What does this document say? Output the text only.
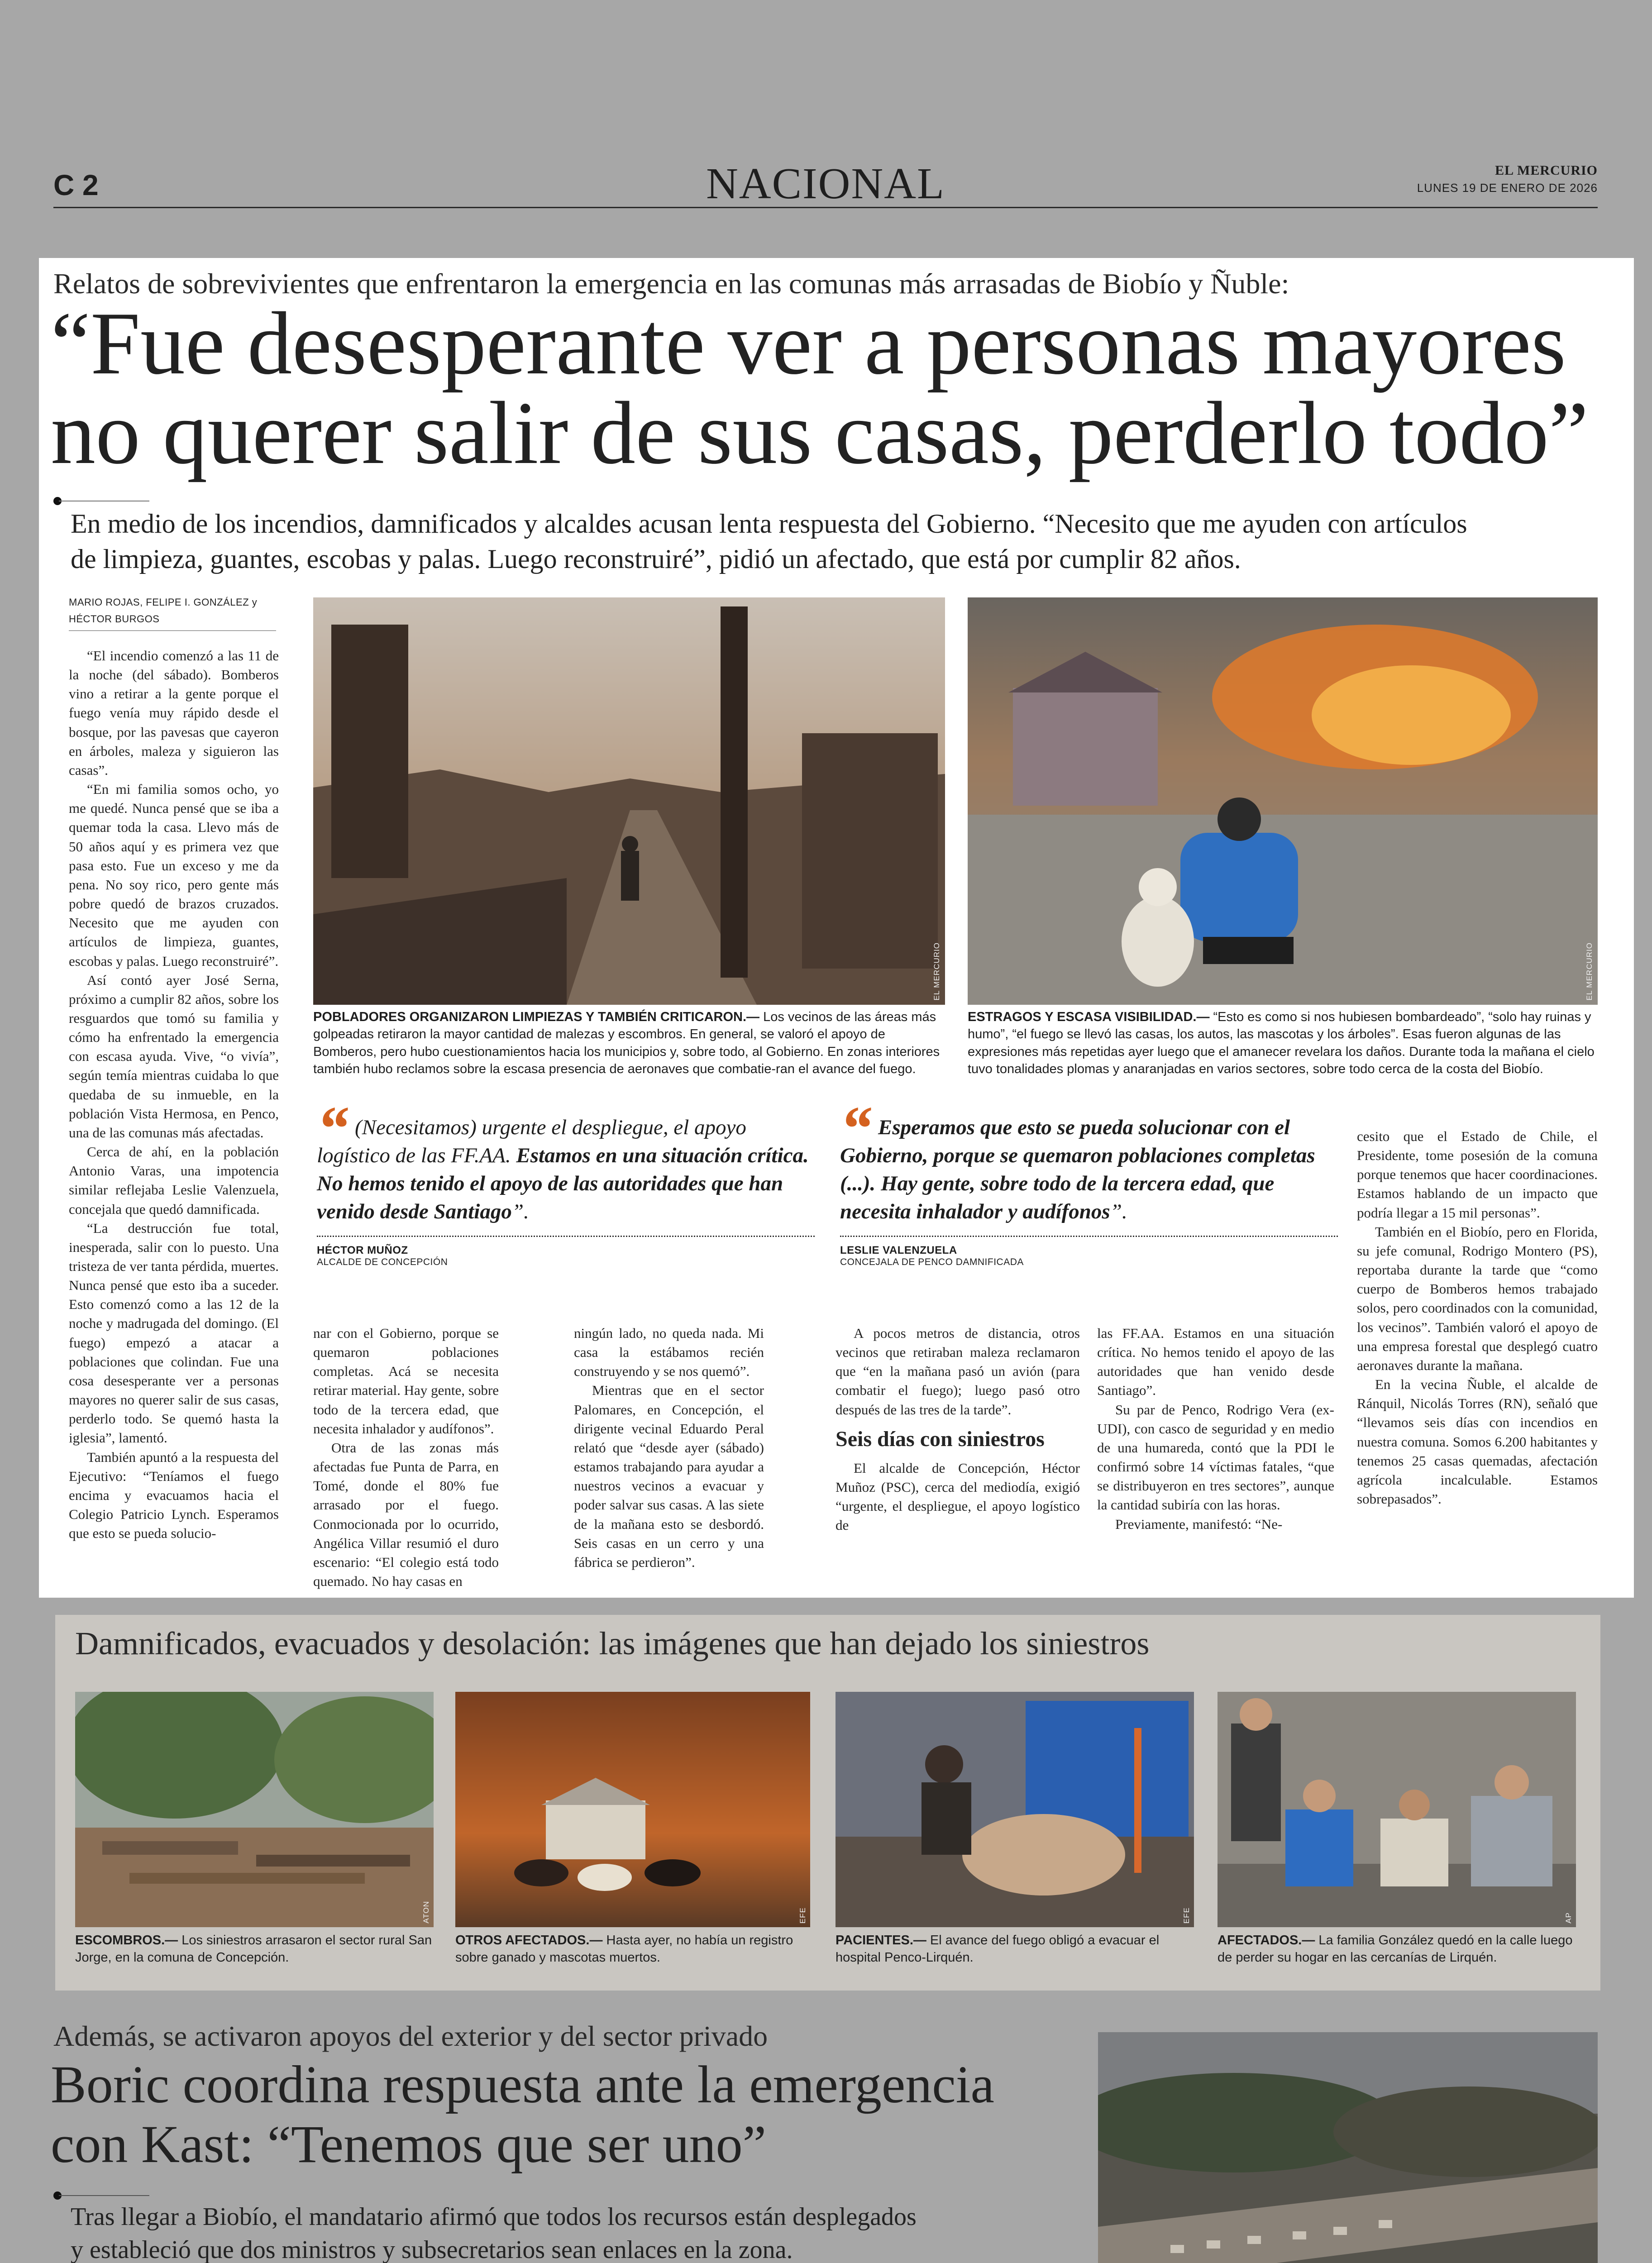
C 2	NACIONAL	EL MERCURIO
LUNES 19 DE ENERO DE 2026
Relatos de sobrevivientes que enfrentaron la emergencia en las comunas más arrasadas de Biobío y Ñuble:
“Fue desesperante ver a personas mayores
no querer salir de sus casas, perderlo todo”
En medio de los incendios, damnificados y alcaldes acusan lenta respuesta del Gobierno. “Necesito que me ayuden con artículos
de limpieza, guantes, escobas y palas. Luego reconstruiré”, pidió un afectado, que está por cumplir 82 años.
MARIO ROJAS, FELIPE I. GONZÁLEZ y
HÉCTOR BURGOS

“El incendio comenzó a las 11 de la noche (del sábado). Bomberos vino a retirar a la gente porque el fuego venía muy rápido desde el bosque, por las pavesas que cayeron en árboles, maleza y siguieron las casas”.

“En mi familia somos ocho, yo me quedé. Nunca pensé que se iba a quemar toda la casa. Llevo más de 50 años aquí y es primera vez que pasa esto. Fue un exceso y me da pena. No soy rico, pero gente más pobre quedó de brazos cruzados. Necesito que me ayuden con artículos de limpieza, guantes, escobas y palas. Luego reconstruiré”.

Así contó ayer José Serna, próximo a cumplir 82 años, sobre los resguardos que tomó su familia y cómo ha enfrentado la emergencia con escasa ayuda. Vive, “o vivía”, según temía mientras cuidaba lo que quedaba de su inmueble, en la población Vista Hermosa, en Penco, una de las comunas más afectadas.

Cerca de ahí, en la población Antonio Varas, una impotencia similar reflejaba Leslie Valenzuela, concejala que quedó damnificada.

“La destrucción fue total, inesperada, salir con lo puesto. Una tristeza de ver tanta pérdida, muertes. Nunca pensé que esto iba a suceder. Esto comenzó como a las 12 de la noche y madrugada del domingo. (El fuego) empezó a atacar a poblaciones que colindan. Fue una cosa desesperante ver a personas mayores no querer salir de sus casas, perderlo todo. Se quemó hasta la iglesia”, lamentó.

También apuntó a la respuesta del Ejecutivo: “Teníamos el fuego encima y evacuamos hacia el Colegio Patricio Lynch. Esperamos que esto se pueda solucio-

EL MERCURIO
POBLADORES ORGANIZARON LIMPIEZAS Y TAMBIÉN CRITICARON.— Los vecinos de las áreas más golpeadas retiraron la mayor cantidad de malezas y escombros. En general, se valoró el apoyo de Bomberos, pero hubo cuestionamientos hacia los municipios y, sobre todo, al Gobierno. En zonas interiores también hubo reclamos sobre la escasa presencia de aeronaves que combatie-ran el avance del fuego.
EL MERCURIO
ESTRAGOS Y ESCASA VISIBILIDAD.— “Esto es como si nos hubiesen bombardeado”, “solo hay ruinas y humo”, “el fuego se llevó las casas, los autos, las mascotas y los árboles”. Esas fueron algunas de las expresiones más repetidas ayer luego que el amanecer revelara los daños. Durante toda la mañana el cielo tuvo tonalidades plomas y anaranjadas en varios sectores, sobre todo cerca de la costa del Biobío.
“ (Necesitamos) urgente el despliegue, el apoyo logístico de las FF.AA. Estamos en una situación crítica. No hemos tenido el apoyo de las autoridades que han venido desde Santiago”.
HÉCTOR MUÑOZ
ALCALDE DE CONCEPCIÓN
“ Esperamos que esto se pueda solucionar con el Gobierno, porque se quemaron poblaciones completas (...). Hay gente, sobre todo de la tercera edad, que necesita inhalador y audífonos”.
LESLIE VALENZUELA
CONCEJALA DE PENCO DAMNIFICADA

nar con el Gobierno, porque se quemaron poblaciones completas. Acá se necesita retirar material. Hay gente, sobre todo de la tercera edad, que necesita inhalador y audífonos”.

Otra de las zonas más afectadas fue Punta de Parra, en Tomé, donde el 80% fue arrasado por el fuego. Conmocionada por lo ocurrido, Angélica Villar resumió el duro escenario: “El colegio está todo quemado. No hay casas en

ningún lado, no queda nada. Mi casa la estábamos recién construyendo y se nos quemó”.

Mientras que en el sector Palomares, en Concepción, el dirigente vecinal Eduardo Peral relató que “desde ayer (sábado) estamos trabajando para ayudar a nuestros vecinos a evacuar y poder salvar sus casas. A las siete de la mañana esto se desbordó. Seis casas en un cerro y una fábrica se perdieron”.

A pocos metros de distancia, otros vecinos que retiraban maleza reclamaron que “en la mañana pasó un avión (para combatir el fuego); luego pasó otro después de las tres de la tarde”.

Seis días con siniestros

El alcalde de Concepción, Héctor Muñoz (PSC), cerca del mediodía, exigió “urgente, el despliegue, el apoyo logístico de

las FF.AA. Estamos en una situación crítica. No hemos tenido el apoyo de las autoridades que han venido desde Santiago”.

Su par de Penco, Rodrigo Vera (ex-UDI), con casco de seguridad y en medio de una humareda, contó que la PDI le confirmó sobre 14 víctimas fatales, “que se distribuyeron en tres sectores”, aunque la cantidad subiría con las horas.

Previamente, manifestó: “Ne-

cesito que el Estado de Chile, el Presidente, tome posesión de la comuna porque tenemos que hacer coordinaciones. Estamos hablando de un impacto que podría llegar a 15 mil personas”.

También en el Biobío, pero en Florida, su jefe comunal, Rodrigo Montero (PS), reportaba durante la tarde que “como cuerpo de Bomberos hemos trabajado solos, pero coordinados con la comunidad, los vecinos”. También valoró el apoyo de una empresa forestal que desplegó cuatro aeronaves durante la mañana.

En la vecina Ñuble, el alcalde de Ránquil, Nicolás Torres (RN), señaló que “llevamos seis días con incendios en nuestra comuna. Somos 6.200 habitantes y tenemos 25 casas quemadas, afectación agrícola incalculable. Estamos sobrepasados”.

Damnificados, evacuados y desolación: las imágenes que han dejado los siniestros
ATON	EFE	EFE	AP
ESCOMBROS.— Los siniestros arrasaron el sector rural San Jorge, en la comuna de Concepción.
OTROS AFECTADOS.— Hasta ayer, no había un registro sobre ganado y mascotas muertos.
PACIENTES.— El avance del fuego obligó a evacuar el hospital Penco-Lirquén.
AFECTADOS.— La familia González quedó en la calle luego de perder su hogar en las cercanías de Lirquén.
Además, se activaron apoyos del exterior y del sector privado
Boric coordina respuesta ante la emergencia
con Kast: “Tenemos que ser uno”
Tras llegar a Biobío, el mandatario afirmó que todos los recursos están desplegados
y estableció que dos ministros y subsecretarios sean enlaces en la zona.
